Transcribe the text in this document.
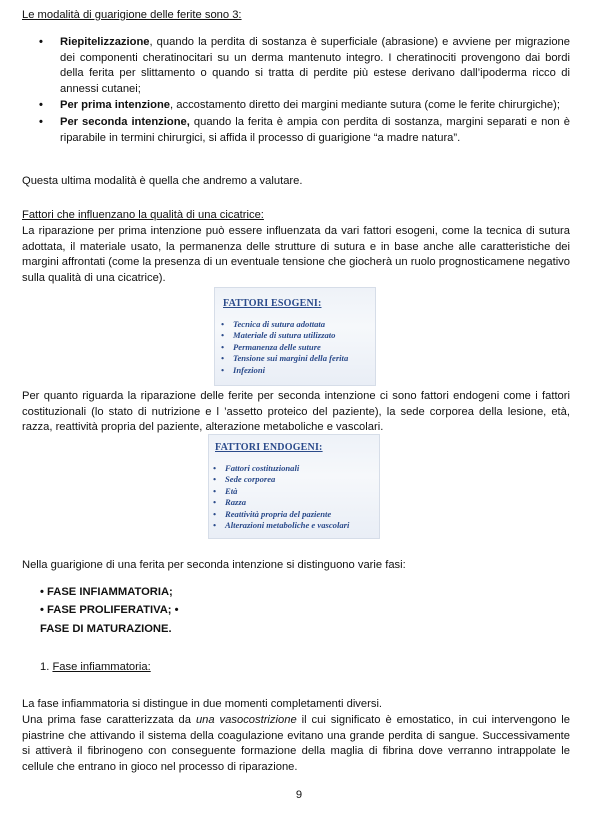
Le modalità di guarigione delle ferite sono 3:
• Riepitelizzazione, quando la perdita di sostanza è superficiale (abrasione) e avviene per migrazione dei componenti cheratinocitari su un derma mantenuto integro. I cheratinociti provengono dai bordi della ferita per slittamento o quando si tratta di perdite più estese derivano dall’ipoderma ricco di annessi cutanei;
• Per prima intenzione, accostamento diretto dei margini mediante sutura (come le ferite chirurgiche);
• Per seconda intenzione, quando la ferita è ampia con perdita di sostanza, margini separati e non è riparabile in termini chirurgici, si affida il processo di guarigione “a madre natura”.
Questa ultima modalità è quella che andremo a valutare.
Fattori che influenzano la qualità di una cicatrice:
La riparazione per prima intenzione può essere influenzata da vari fattori esogeni, come la tecnica di sutura adottata, il materiale usato, la permanenza delle strutture di sutura e in base anche alle caratteristiche dei margini affrontati (come la presenza di un eventuale tensione che giocherà un ruolo prognosticamene negativo sulla qualità di una cicatrice).
FATTORI ESOGENI:
• Tecnica di sutura adottata
• Materiale di sutura utilizzato
• Permanenza delle suture
• Tensione sui margini della ferita
• Infezioni
Per quanto riguarda la riparazione delle ferite per seconda intenzione ci sono fattori endogeni come i fattori costituzionali (lo stato di nutrizione e l ’assetto proteico del paziente), la sede corporea della lesione, età, razza, reattività propria del paziente, alterazione metaboliche e vascolari.
FATTORI ENDOGENI:
• Fattori costituzionali
• Sede corporea
• Età
• Razza
• Reattività propria del paziente
• Alterazioni metaboliche e vascolari
Nella guarigione di una ferita per seconda intenzione si distinguono varie fasi:
• FASE INFIAMMATORIA;
• FASE PROLIFERATIVA; •
FASE DI MATURAZIONE.
1. Fase infiammatoria:
La fase infiammatoria si distingue in due momenti completamenti diversi.
Una prima fase caratterizzata da una vasocostrizione il cui significato è emostatico, in cui intervengono le piastrine che attivando il sistema della coagulazione evitano una grande perdita di sangue. Successivamente si attiverà il fibrinogeno con conseguente formazione della maglia di fibrina dove verranno intrappolate le cellule che entrano in gioco nel processo di riparazione.
9
